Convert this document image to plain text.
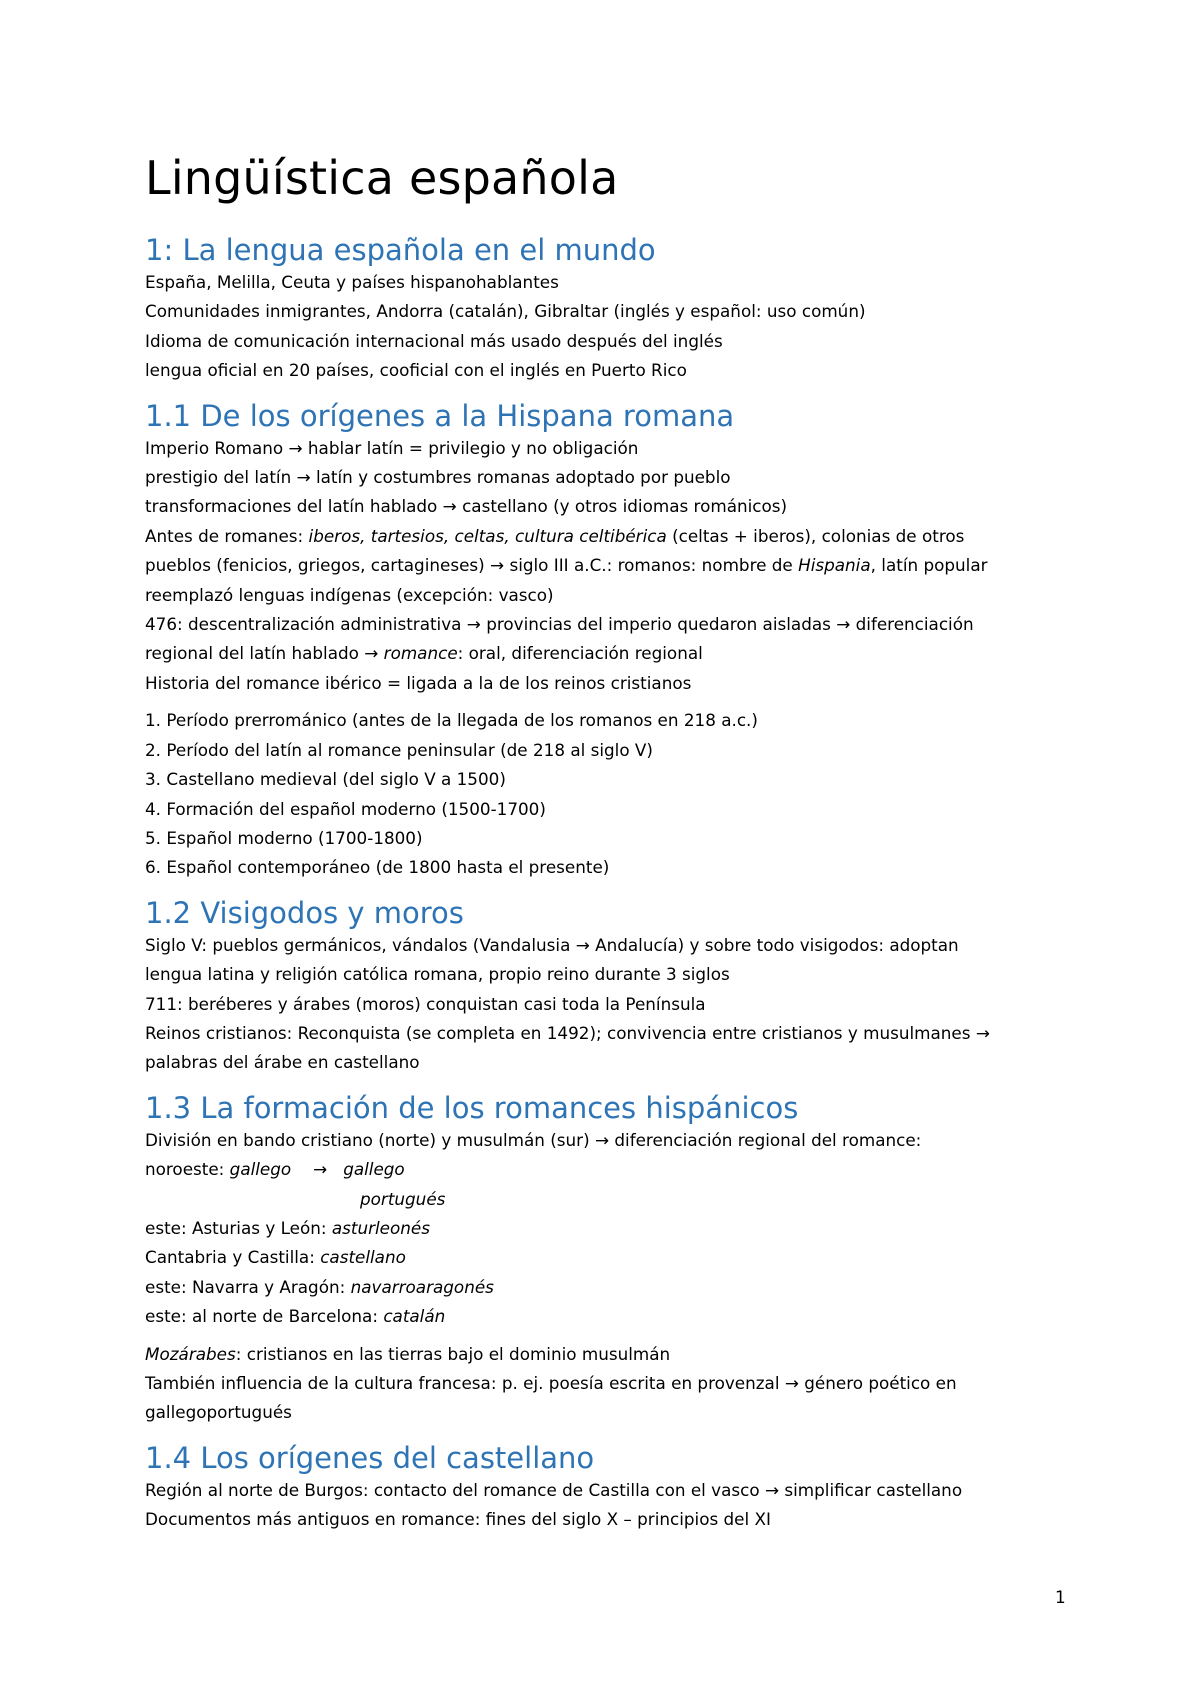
Lingüística española
1: La lengua española en el mundo

España, Melilla, Ceuta y países hispanohablantes

Comunidades inmigrantes, Andorra (catalán), Gibraltar (inglés y español: uso común)

Idioma de comunicación internacional más usado después del inglés

lengua oficial en 20 países, cooficial con el inglés en Puerto Rico

1.1 De los orígenes a la Hispana romana

Imperio Romano → hablar latín = privilegio y no obligación

prestigio del latín → latín y costumbres romanas adoptado por pueblo

transformaciones del latín hablado → castellano (y otros idiomas románicos)

Antes de romanes: iberos, tartesios, celtas, cultura celtibérica (celtas + iberos), colonias de otros

pueblos (fenicios, griegos, cartagineses) → siglo III a.C.: romanos: nombre de Hispania, latín popular

reemplazó lenguas indígenas (excepción: vasco)

476: descentralización administrativa → provincias del imperio quedaron aisladas → diferenciación

regional del latín hablado → romance: oral, diferenciación regional

Historia del romance ibérico = ligada a la de los reinos cristianos

1. Período prerrománico (antes de la llegada de los romanos en 218 a.c.)

2. Período del latín al romance peninsular (de 218 al siglo V)

3. Castellano medieval (del siglo V a 1500)

4. Formación del español moderno (1500-1700)

5. Español moderno (1700-1800)

6. Español contemporáneo (de 1800 hasta el presente)

1.2 Visigodos y moros

Siglo V: pueblos germánicos, vándalos (Vandalusia → Andalucía) y sobre todo visigodos: adoptan

lengua latina y religión católica romana, propio reino durante 3 siglos

711: beréberes y árabes (moros) conquistan casi toda la Península

Reinos cristianos: Reconquista (se completa en 1492); convivencia entre cristianos y musulmanes →

palabras del árabe en castellano

1.3 La formación de los romances hispánicos

División en bando cristiano (norte) y musulmán (sur) → diferenciación regional del romance:

noroeste: gallego → gallego

portugués

este: Asturias y León: asturleonés

Cantabria y Castilla: castellano

este: Navarra y Aragón: navarroaragonés

este: al norte de Barcelona: catalán

Mozárabes: cristianos en las tierras bajo el dominio musulmán

También influencia de la cultura francesa: p. ej. poesía escrita en provenzal → género poético en

gallegoportugués

1.4 Los orígenes del castellano

Región al norte de Burgos: contacto del romance de Castilla con el vasco → simplificar castellano

Documentos más antiguos en romance: fines del siglo X – principios del XI

1
